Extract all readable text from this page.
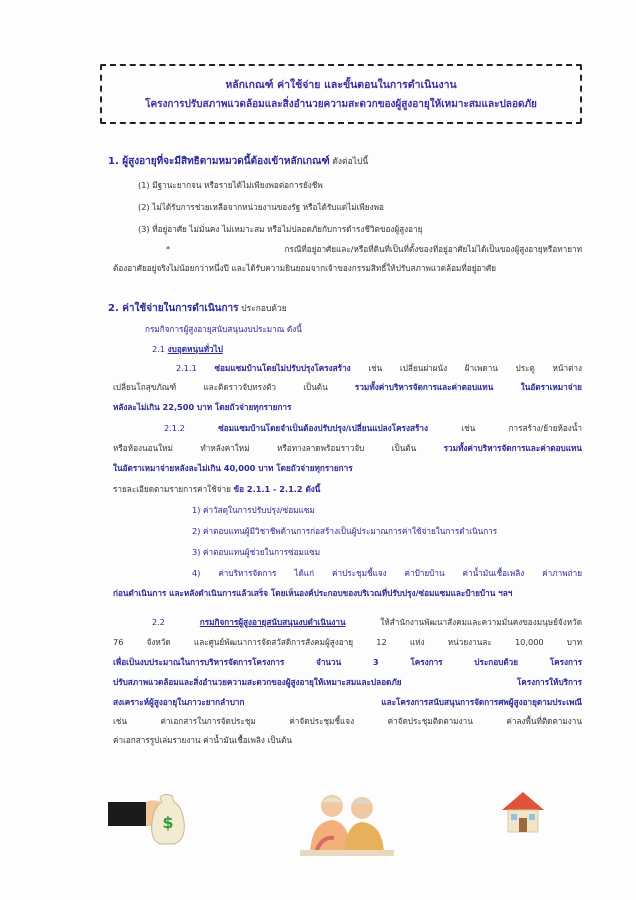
หลักเกณฑ์ ค่าใช้จ่าย และขั้นตอนในการดำเนินงาน
โครงการปรับสภาพแวดล้อมและสิ่งอำนวยความสะดวกของผู้สูงอายุให้เหมาะสมและปลอดภัย
1. ผู้สูงอายุที่จะมีสิทธิตามหมวดนี้ต้องเข้าหลักเกณฑ์ ดังต่อไปนี้
(1) มีฐานะยากจน หรือรายได้ไม่เพียงพอต่อการยังชีพ
(2) ไม่ได้รับการช่วยเหลือจากหน่วยงานของรัฐ หรือได้รับแต่ไม่เพียงพอ
(3) ที่อยู่อาศัย ไม่มั่นคง ไม่เหมาะสม หรือไม่ปลอดภัยกับการดำรงชีวิตของผู้สูงอายุ
* กรณีที่อยู่อาศัยและ/หรือที่ดินที่เป็นที่ตั้งของที่อยู่อาศัยไม่ได้เป็นของผู้สูงอายุหรือทายาท
ต้องอาศัยอยู่จริงไม่น้อยกว่าหนึ่งปี และได้รับความยินยอมจากเจ้าของกรรมสิทธิ์ให้ปรับสภาพแวดล้อมที่อยู่อาศัย
2. ค่าใช้จ่ายในการดำเนินการ ประกอบด้วย
กรมกิจการผู้สูงอายุสนับสนุนงบประมาณ ดังนี้
2.1 งบอุดหนุนทั่วไป
2.1.1 ซ่อมแซมบ้านโดยไม่ปรับปรุงโครงสร้าง เช่น เปลี่ยนฝาผนัง ฝ้าเพดาน ประตู หน้าต่าง
เปลี่ยนโถสุขภัณฑ์ และติดราวจับทรงตัว เป็นต้น รวมทั้งค่าบริหารจัดการและค่าตอบแทน ในอัตราเหมาจ่าย
หลังละไม่เกิน 22,500 บาท โดยถัวจ่ายทุกรายการ
2.1.2 ซ่อมแซมบ้านโดยจำเป็นต้องปรับปรุง/เปลี่ยนแปลงโครงสร้าง เช่น การสร้าง/ย้ายห้องน้ำ
หรือห้องนอนใหม่ ทำหลังคาใหม่ หรือทางลาดพร้อมราวจับ เป็นต้น รวมทั้งค่าบริหารจัดการและค่าตอบแทน
ในอัตราเหมาจ่ายหลังละไม่เกิน 40,000 บาท โดยถัวจ่ายทุกรายการ
รายละเอียดตามรายการค่าใช้จ่าย ข้อ 2.1.1 - 2.1.2 ดังนี้
1) ค่าวัสดุในการปรับปรุง/ซ่อมแซม
2) ค่าตอบแทนผู้มีวิชาชีพด้านการก่อสร้างเป็นผู้ประมาณการค่าใช้จ่ายในการดำเนินการ
3) ค่าตอบแทนผู้ช่วยในการซ่อมแซม
4) ค่าบริหารจัดการ ได้แก่ ค่าประชุมชี้แจง ค่าป้ายบ้าน ค่าน้ำมันเชื้อเพลิง ค่าภาพถ่าย
ก่อนดำเนินการ และหลังดำเนินการแล้วเสร็จ โดยเห็นองค์ประกอบของบริเวณที่ปรับปรุง/ซ่อมแซมและป้ายบ้าน ฯลฯ
2.2 กรมกิจการผู้สูงอายุสนับสนุนงบดำเนินงาน ให้สำนักงานพัฒนาสังคมและความมั่นคงของมนุษย์จังหวัด
76 จังหวัด และศูนย์พัฒนาการจัดสวัสดิการสังคมผู้สูงอายุ 12 แห่ง หน่วยงานละ 10,000 บาท
เพื่อเป็นงบประมาณในการบริหารจัดการโครงการ จำนวน 3 โครงการ ประกอบด้วย โครงการ
ปรับสภาพแวดล้อมและสิ่งอำนวยความสะดวกของผู้สูงอายุให้เหมาะสมและปลอดภัย โครงการให้บริการ
สงเคราะห์ผู้สูงอายุในภาวะยากลำบาก และโครงการสนับสนุนการจัดการศพผู้สูงอายุตามประเพณี
เช่น ค่าเอกสารในการจัดประชุม ค่าจัดประชุมชี้แจง ค่าจัดประชุมติดตามงาน ค่าลงพื้นที่ติดตามงาน
ค่าเอกสารรูปเล่มรายงาน ค่าน้ำมันเชื้อเพลิง เป็นต้น
$
